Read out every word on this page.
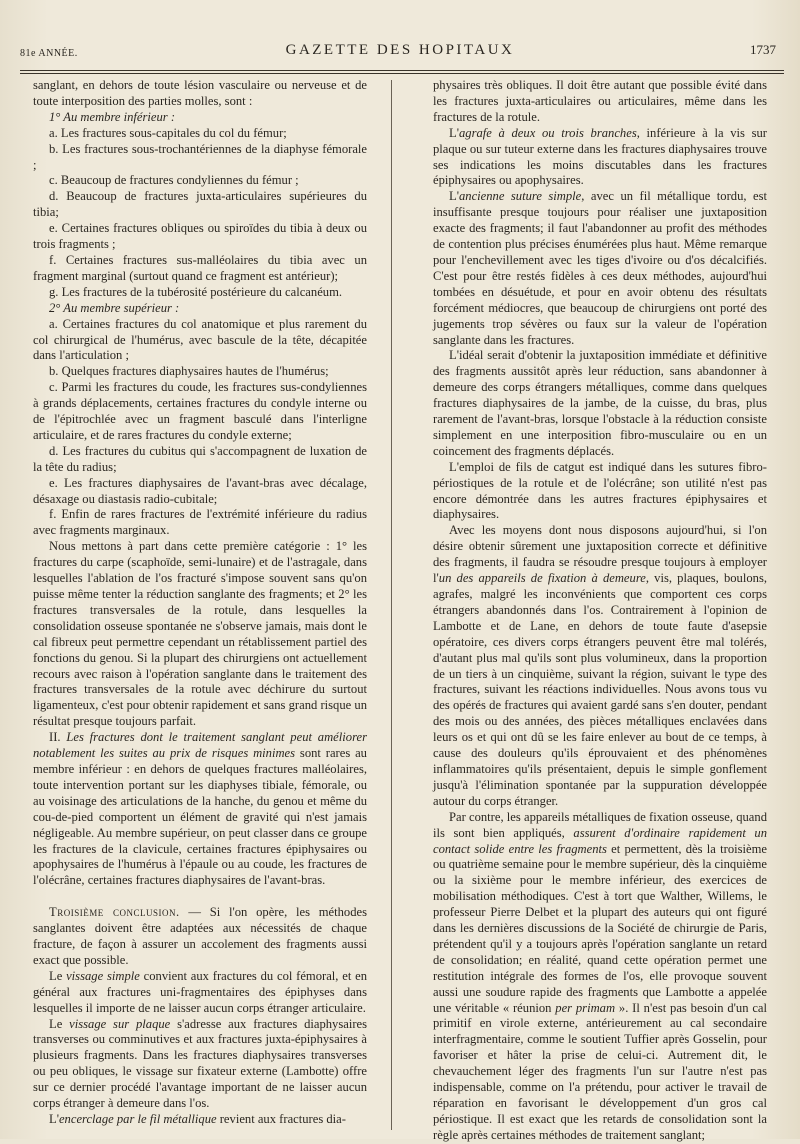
81e ANNÉE.	GAZETTE DES HOPITAUX	1737

sanglant, en dehors de toute lésion vasculaire ou nerveuse et de toute interposition des parties molles, sont :

1° Au membre inférieur :

a. Les fractures sous-capitales du col du fémur;

b. Les fractures sous-trochantériennes de la diaphyse fémorale ;

c. Beaucoup de fractures condyliennes du fémur ;

d. Beaucoup de fractures juxta-articulaires supérieures du tibia;

e. Certaines fractures obliques ou spiroïdes du tibia à deux ou trois fragments ;

f. Certaines fractures sus-malléolaires du tibia avec un fragment marginal (surtout quand ce fragment est antérieur);

g. Les fractures de la tubérosité postérieure du calcanéum.

2° Au membre supérieur :

a. Certaines fractures du col anatomique et plus rarement du col chirurgical de l'humérus, avec bascule de la tête, décapitée dans l'articulation ;

b. Quelques fractures diaphysaires hautes de l'humérus;

c. Parmi les fractures du coude, les fractures sus-condyliennes à grands déplacements, certaines fractures du condyle interne ou de l'épitrochlée avec un fragment basculé dans l'interligne articulaire, et de rares fractures du condyle externe;

d. Les fractures du cubitus qui s'accompagnent de luxation de la tête du radius;

e. Les fractures diaphysaires de l'avant-bras avec décalage, désaxage ou diastasis radio-cubitale;

f. Enfin de rares fractures de l'extrémité inférieure du radius avec fragments marginaux.

Nous mettons à part dans cette première catégorie : 1° les fractures du carpe (scaphoïde, semi-lunaire) et de l'astragale, dans lesquelles l'ablation de l'os fracturé s'impose souvent sans qu'on puisse même tenter la réduction sanglante des fragments; et 2° les fractures transversales de la rotule, dans lesquelles la consolidation osseuse spontanée ne s'observe jamais, mais dont le cal fibreux peut permettre cependant un rétablissement partiel des fonctions du genou. Si la plupart des chirurgiens ont actuellement recours avec raison à l'opération sanglante dans le traitement des fractures transversales de la rotule avec déchirure du surtout ligamenteux, c'est pour obtenir rapidement et sans grand risque un résultat presque toujours parfait.

II. Les fractures dont le traitement sanglant peut améliorer notablement les suites au prix de risques minimes sont rares au membre inférieur : en dehors de quelques fractures malléolaires, toute intervention portant sur les diaphyses tibiale, fémorale, ou au voisinage des articulations de la hanche, du genou et même du cou-de-pied comportent un élément de gravité qui n'est jamais négligeable. Au membre supérieur, on peut classer dans ce groupe les fractures de la clavicule, certaines fractures épiphysaires ou apophysaires de l'humérus à l'épaule ou au coude, les fractures de l'olécrâne, certaines fractures diaphysaires de l'avant-bras.

Troisième conclusion. — Si l'on opère, les méthodes sanglantes doivent être adaptées aux nécessités de chaque fracture, de façon à assurer un accolement des fragments aussi exact que possible.

Le vissage simple convient aux fractures du col fémoral, et en général aux fractures uni-fragmentaires des épiphyses dans lesquelles il importe de ne laisser aucun corps étranger articulaire.

Le vissage sur plaque s'adresse aux fractures diaphysaires transverses ou comminutives et aux fractures juxta-épiphysaires à plusieurs fragments. Dans les fractures diaphysaires transverses ou peu obliques, le vissage sur fixateur externe (Lambotte) offre sur ce dernier procédé l'avantage important de ne laisser aucun corps étranger à demeure dans l'os.

L'encerclage par le fil métallique revient aux fractures dia-

physaires très obliques. Il doit être autant que possible évité dans les fractures juxta-articulaires ou articulaires, même dans les fractures de la rotule.

L'agrafe à deux ou trois branches, inférieure à la vis sur plaque ou sur tuteur externe dans les fractures diaphysaires trouve ses indications les moins discutables dans les fractures épiphysaires ou apophysaires.

L'ancienne suture simple, avec un fil métallique tordu, est insuffisante presque toujours pour réaliser une juxtaposition exacte des fragments; il faut l'abandonner au profit des méthodes de contention plus précises énumérées plus haut. Même remarque pour l'enchevillement avec les tiges d'ivoire ou d'os décalcifiés. C'est pour être restés fidèles à ces deux méthodes, aujourd'hui tombées en désuétude, et pour en avoir obtenu des résultats forcément médiocres, que beaucoup de chirurgiens ont porté des jugements trop sévères ou faux sur la valeur de l'opération sanglante dans les fractures.

L'idéal serait d'obtenir la juxtaposition immédiate et définitive des fragments aussitôt après leur réduction, sans abandonner à demeure des corps étrangers métalliques, comme dans quelques fractures diaphysaires de la jambe, de la cuisse, du bras, plus rarement de l'avant-bras, lorsque l'obstacle à la réduction consiste simplement en une interposition fibro-musculaire ou en un coincement des fragments déplacés.

L'emploi de fils de catgut est indiqué dans les sutures fibro-périostiques de la rotule et de l'olécrâne; son utilité n'est pas encore démontrée dans les autres fractures épiphysaires et diaphysaires.

Avec les moyens dont nous disposons aujourd'hui, si l'on désire obtenir sûrement une juxtaposition correcte et définitive des fragments, il faudra se résoudre presque toujours à employer l'un des appareils de fixation à demeure, vis, plaques, boulons, agrafes, malgré les inconvénients que comportent ces corps étrangers abandonnés dans l'os. Contrairement à l'opinion de Lambotte et de Lane, en dehors de toute faute d'asepsie opératoire, ces divers corps étrangers peuvent être mal tolérés, d'autant plus mal qu'ils sont plus volumineux, dans la proportion de un tiers à un cinquième, suivant la région, suivant le type des fractures, suivant les réactions individuelles. Nous avons tous vu des opérés de fractures qui avaient gardé sans s'en douter, pendant des mois ou des années, des pièces métalliques enclavées dans leurs os et qui ont dû se les faire enlever au bout de ce temps, à cause des douleurs qu'ils éprouvaient et des phénomènes inflammatoires qu'ils présentaient, depuis le simple gonflement jusqu'à l'élimination spontanée par la suppuration développée autour du corps étranger.

Par contre, les appareils métalliques de fixation osseuse, quand ils sont bien appliqués, assurent d'ordinaire rapidement un contact solide entre les fragments et permettent, dès la troisième ou quatrième semaine pour le membre supérieur, dès la cinquième ou la sixième pour le membre inférieur, des exercices de mobilisation méthodiques. C'est à tort que Walther, Willems, le professeur Pierre Delbet et la plupart des auteurs qui ont figuré dans les dernières discussions de la Société de chirurgie de Paris, prétendent qu'il y a toujours après l'opération sanglante un retard de consolidation; en réalité, quand cette opération permet une restitution intégrale des formes de l'os, elle provoque souvent aussi une soudure rapide des fragments que Lambotte a appelée une véritable « réunion per primam ». Il n'est pas besoin d'un cal primitif en virole externe, antérieurement au cal secondaire interfragmentaire, comme le soutient Tuffier après Gosselin, pour favoriser et hâter la prise de celui-ci. Autrement dit, le chevauchement léger des fragments l'un sur l'autre n'est pas indispensable, comme on l'a prétendu, pour activer le travail de réparation en favorisant le développement d'un gros cal périostique. Il est exact que les retards de consolidation sont la règle après certaines méthodes de traitement sanglant;
